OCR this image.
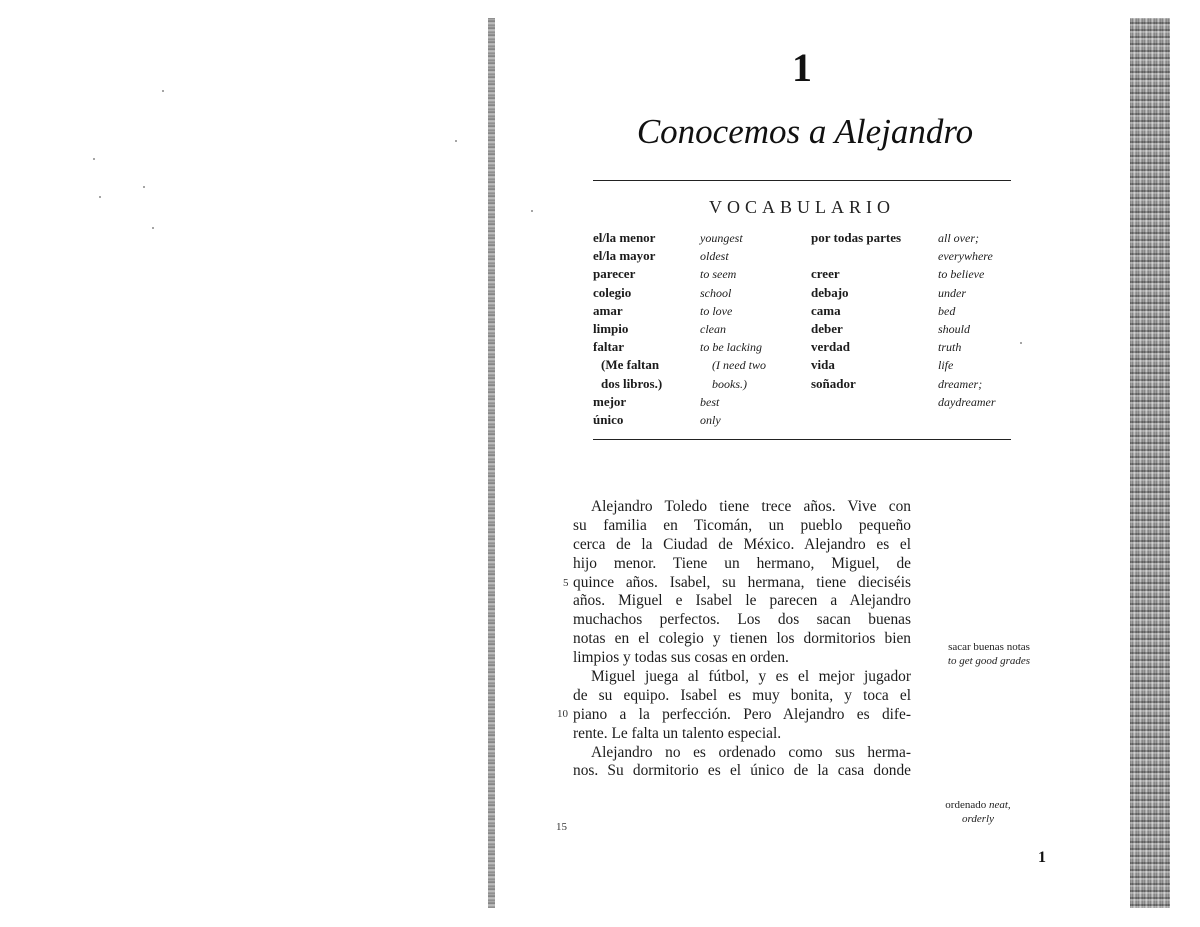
1
Conocemos a Alejandro
VOCABULARIO
el/la menor
el/la mayor
parecer
colegio
amar
limpio
faltar
(Me faltan
dos libros.)
mejor
único
youngest
oldest
to seem
school
to love
clean
to be lacking
(I need two
books.)
best
only
por todas partes
creer
debajo
cama
deber
verdad
vida
soñador
all over;
everywhere
to believe
under
bed
should
truth
life
dreamer;
daydreamer
Alejandro Toledo tiene trece años. Vive con
su familia en Ticomán, un pueblo pequeño
cerca de la Ciudad de México. Alejandro es el
hijo menor. Tiene un hermano, Miguel, de
quince años. Isabel, su hermana, tiene dieciséis
años. Miguel e Isabel le parecen a Alejandro
muchachos perfectos. Los dos sacan buenas
notas en el colegio y tienen los dormitorios bien
limpios y todas sus cosas en orden.
Miguel juega al fútbol, y es el mejor jugador
de su equipo. Isabel es muy bonita, y toca el
piano a la perfección. Pero Alejandro es dife-
rente. Le falta un talento especial.
Alejandro no es ordenado como sus herma-
nos. Su dormitorio es el único de la casa donde
5
10
15
sacar buenas notas
to get good grades
ordenado neat,
orderly
1
